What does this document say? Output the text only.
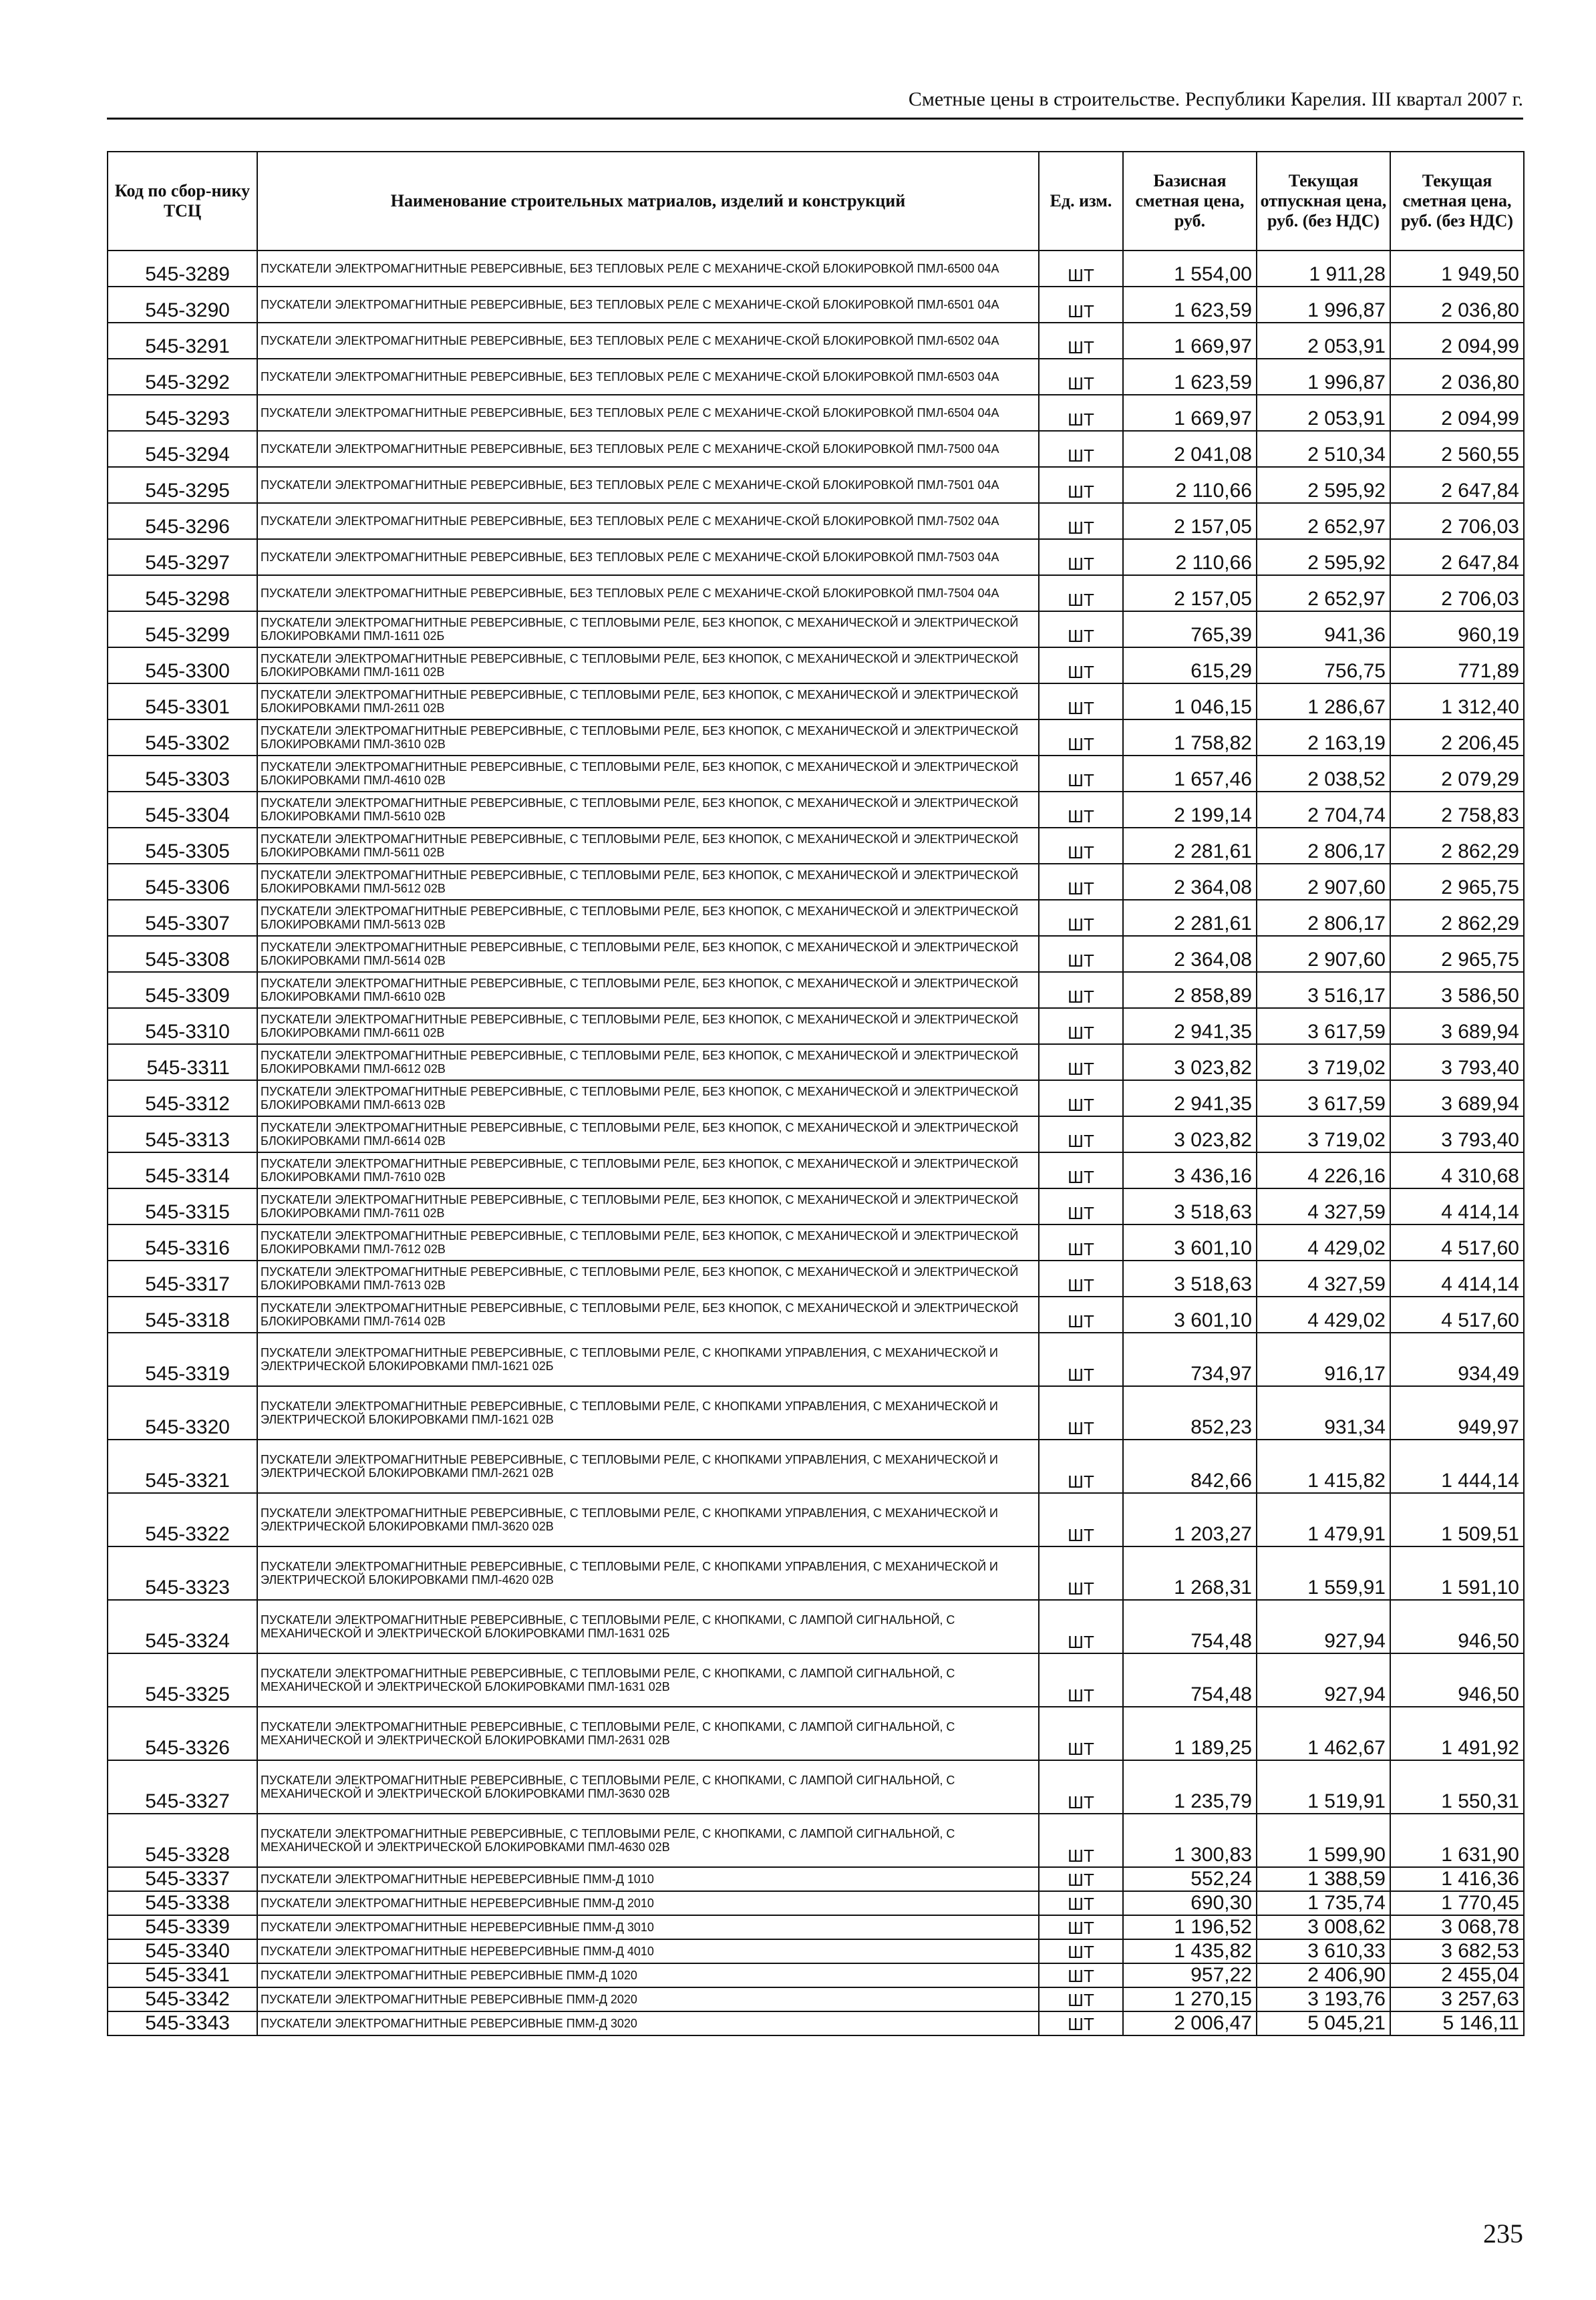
Сметные цены в строительстве. Республики Карелия. III квартал 2007 г.
Код по сбор-нику ТСЦ	Наименование строительных матриалов, изделий и конструкций	Ед. изм.	Базисная сметная цена, руб.	Текущая отпускная цена, руб. (без НДС)	Текущая сметная цена, руб. (без НДС)
545-3289	ПУСКАТЕЛИ ЭЛЕКТРОМАГНИТНЫЕ РЕВЕРСИВНЫЕ, БЕЗ ТЕПЛОВЫХ РЕЛЕ С МЕХАНИЧЕ-СКОЙ БЛОКИРОВКОЙ ПМЛ-6500 04А	ШТ	1 554,00	1 911,28	1 949,50
545-3290	ПУСКАТЕЛИ ЭЛЕКТРОМАГНИТНЫЕ РЕВЕРСИВНЫЕ, БЕЗ ТЕПЛОВЫХ РЕЛЕ С МЕХАНИЧЕ-СКОЙ БЛОКИРОВКОЙ ПМЛ-6501 04А	ШТ	1 623,59	1 996,87	2 036,80
545-3291	ПУСКАТЕЛИ ЭЛЕКТРОМАГНИТНЫЕ РЕВЕРСИВНЫЕ, БЕЗ ТЕПЛОВЫХ РЕЛЕ С МЕХАНИЧЕ-СКОЙ БЛОКИРОВКОЙ ПМЛ-6502 04А	ШТ	1 669,97	2 053,91	2 094,99
545-3292	ПУСКАТЕЛИ ЭЛЕКТРОМАГНИТНЫЕ РЕВЕРСИВНЫЕ, БЕЗ ТЕПЛОВЫХ РЕЛЕ С МЕХАНИЧЕ-СКОЙ БЛОКИРОВКОЙ ПМЛ-6503 04А	ШТ	1 623,59	1 996,87	2 036,80
545-3293	ПУСКАТЕЛИ ЭЛЕКТРОМАГНИТНЫЕ РЕВЕРСИВНЫЕ, БЕЗ ТЕПЛОВЫХ РЕЛЕ С МЕХАНИЧЕ-СКОЙ БЛОКИРОВКОЙ ПМЛ-6504 04А	ШТ	1 669,97	2 053,91	2 094,99
545-3294	ПУСКАТЕЛИ ЭЛЕКТРОМАГНИТНЫЕ РЕВЕРСИВНЫЕ, БЕЗ ТЕПЛОВЫХ РЕЛЕ С МЕХАНИЧЕ-СКОЙ БЛОКИРОВКОЙ ПМЛ-7500 04А	ШТ	2 041,08	2 510,34	2 560,55
545-3295	ПУСКАТЕЛИ ЭЛЕКТРОМАГНИТНЫЕ РЕВЕРСИВНЫЕ, БЕЗ ТЕПЛОВЫХ РЕЛЕ С МЕХАНИЧЕ-СКОЙ БЛОКИРОВКОЙ ПМЛ-7501 04А	ШТ	2 110,66	2 595,92	2 647,84
545-3296	ПУСКАТЕЛИ ЭЛЕКТРОМАГНИТНЫЕ РЕВЕРСИВНЫЕ, БЕЗ ТЕПЛОВЫХ РЕЛЕ С МЕХАНИЧЕ-СКОЙ БЛОКИРОВКОЙ ПМЛ-7502 04А	ШТ	2 157,05	2 652,97	2 706,03
545-3297	ПУСКАТЕЛИ ЭЛЕКТРОМАГНИТНЫЕ РЕВЕРСИВНЫЕ, БЕЗ ТЕПЛОВЫХ РЕЛЕ С МЕХАНИЧЕ-СКОЙ БЛОКИРОВКОЙ ПМЛ-7503 04А	ШТ	2 110,66	2 595,92	2 647,84
545-3298	ПУСКАТЕЛИ ЭЛЕКТРОМАГНИТНЫЕ РЕВЕРСИВНЫЕ, БЕЗ ТЕПЛОВЫХ РЕЛЕ С МЕХАНИЧЕ-СКОЙ БЛОКИРОВКОЙ ПМЛ-7504 04А	ШТ	2 157,05	2 652,97	2 706,03
545-3299	ПУСКАТЕЛИ ЭЛЕКТРОМАГНИТНЫЕ РЕВЕРСИВНЫЕ, С ТЕПЛОВЫМИ РЕЛЕ, БЕЗ КНОПОК, С МЕХАНИЧЕСКОЙ И ЭЛЕКТРИЧЕСКОЙ БЛОКИРОВКАМИ ПМЛ-1611 02Б	ШТ	765,39	941,36	960,19
545-3300	ПУСКАТЕЛИ ЭЛЕКТРОМАГНИТНЫЕ РЕВЕРСИВНЫЕ, С ТЕПЛОВЫМИ РЕЛЕ, БЕЗ КНОПОК, С МЕХАНИЧЕСКОЙ И ЭЛЕКТРИЧЕСКОЙ БЛОКИРОВКАМИ ПМЛ-1611 02В	ШТ	615,29	756,75	771,89
545-3301	ПУСКАТЕЛИ ЭЛЕКТРОМАГНИТНЫЕ РЕВЕРСИВНЫЕ, С ТЕПЛОВЫМИ РЕЛЕ, БЕЗ КНОПОК, С МЕХАНИЧЕСКОЙ И ЭЛЕКТРИЧЕСКОЙ БЛОКИРОВКАМИ ПМЛ-2611 02В	ШТ	1 046,15	1 286,67	1 312,40
545-3302	ПУСКАТЕЛИ ЭЛЕКТРОМАГНИТНЫЕ РЕВЕРСИВНЫЕ, С ТЕПЛОВЫМИ РЕЛЕ, БЕЗ КНОПОК, С МЕХАНИЧЕСКОЙ И ЭЛЕКТРИЧЕСКОЙ БЛОКИРОВКАМИ ПМЛ-3610 02В	ШТ	1 758,82	2 163,19	2 206,45
545-3303	ПУСКАТЕЛИ ЭЛЕКТРОМАГНИТНЫЕ РЕВЕРСИВНЫЕ, С ТЕПЛОВЫМИ РЕЛЕ, БЕЗ КНОПОК, С МЕХАНИЧЕСКОЙ И ЭЛЕКТРИЧЕСКОЙ БЛОКИРОВКАМИ ПМЛ-4610 02В	ШТ	1 657,46	2 038,52	2 079,29
545-3304	ПУСКАТЕЛИ ЭЛЕКТРОМАГНИТНЫЕ РЕВЕРСИВНЫЕ, С ТЕПЛОВЫМИ РЕЛЕ, БЕЗ КНОПОК, С МЕХАНИЧЕСКОЙ И ЭЛЕКТРИЧЕСКОЙ БЛОКИРОВКАМИ ПМЛ-5610 02В	ШТ	2 199,14	2 704,74	2 758,83
545-3305	ПУСКАТЕЛИ ЭЛЕКТРОМАГНИТНЫЕ РЕВЕРСИВНЫЕ, С ТЕПЛОВЫМИ РЕЛЕ, БЕЗ КНОПОК, С МЕХАНИЧЕСКОЙ И ЭЛЕКТРИЧЕСКОЙ БЛОКИРОВКАМИ ПМЛ-5611 02В	ШТ	2 281,61	2 806,17	2 862,29
545-3306	ПУСКАТЕЛИ ЭЛЕКТРОМАГНИТНЫЕ РЕВЕРСИВНЫЕ, С ТЕПЛОВЫМИ РЕЛЕ, БЕЗ КНОПОК, С МЕХАНИЧЕСКОЙ И ЭЛЕКТРИЧЕСКОЙ БЛОКИРОВКАМИ ПМЛ-5612 02В	ШТ	2 364,08	2 907,60	2 965,75
545-3307	ПУСКАТЕЛИ ЭЛЕКТРОМАГНИТНЫЕ РЕВЕРСИВНЫЕ, С ТЕПЛОВЫМИ РЕЛЕ, БЕЗ КНОПОК, С МЕХАНИЧЕСКОЙ И ЭЛЕКТРИЧЕСКОЙ БЛОКИРОВКАМИ ПМЛ-5613 02В	ШТ	2 281,61	2 806,17	2 862,29
545-3308	ПУСКАТЕЛИ ЭЛЕКТРОМАГНИТНЫЕ РЕВЕРСИВНЫЕ, С ТЕПЛОВЫМИ РЕЛЕ, БЕЗ КНОПОК, С МЕХАНИЧЕСКОЙ И ЭЛЕКТРИЧЕСКОЙ БЛОКИРОВКАМИ ПМЛ-5614 02В	ШТ	2 364,08	2 907,60	2 965,75
545-3309	ПУСКАТЕЛИ ЭЛЕКТРОМАГНИТНЫЕ РЕВЕРСИВНЫЕ, С ТЕПЛОВЫМИ РЕЛЕ, БЕЗ КНОПОК, С МЕХАНИЧЕСКОЙ И ЭЛЕКТРИЧЕСКОЙ БЛОКИРОВКАМИ ПМЛ-6610 02В	ШТ	2 858,89	3 516,17	3 586,50
545-3310	ПУСКАТЕЛИ ЭЛЕКТРОМАГНИТНЫЕ РЕВЕРСИВНЫЕ, С ТЕПЛОВЫМИ РЕЛЕ, БЕЗ КНОПОК, С МЕХАНИЧЕСКОЙ И ЭЛЕКТРИЧЕСКОЙ БЛОКИРОВКАМИ ПМЛ-6611 02В	ШТ	2 941,35	3 617,59	3 689,94
545-3311	ПУСКАТЕЛИ ЭЛЕКТРОМАГНИТНЫЕ РЕВЕРСИВНЫЕ, С ТЕПЛОВЫМИ РЕЛЕ, БЕЗ КНОПОК, С МЕХАНИЧЕСКОЙ И ЭЛЕКТРИЧЕСКОЙ БЛОКИРОВКАМИ ПМЛ-6612 02В	ШТ	3 023,82	3 719,02	3 793,40
545-3312	ПУСКАТЕЛИ ЭЛЕКТРОМАГНИТНЫЕ РЕВЕРСИВНЫЕ, С ТЕПЛОВЫМИ РЕЛЕ, БЕЗ КНОПОК, С МЕХАНИЧЕСКОЙ И ЭЛЕКТРИЧЕСКОЙ БЛОКИРОВКАМИ ПМЛ-6613 02В	ШТ	2 941,35	3 617,59	3 689,94
545-3313	ПУСКАТЕЛИ ЭЛЕКТРОМАГНИТНЫЕ РЕВЕРСИВНЫЕ, С ТЕПЛОВЫМИ РЕЛЕ, БЕЗ КНОПОК, С МЕХАНИЧЕСКОЙ И ЭЛЕКТРИЧЕСКОЙ БЛОКИРОВКАМИ ПМЛ-6614 02В	ШТ	3 023,82	3 719,02	3 793,40
545-3314	ПУСКАТЕЛИ ЭЛЕКТРОМАГНИТНЫЕ РЕВЕРСИВНЫЕ, С ТЕПЛОВЫМИ РЕЛЕ, БЕЗ КНОПОК, С МЕХАНИЧЕСКОЙ И ЭЛЕКТРИЧЕСКОЙ БЛОКИРОВКАМИ ПМЛ-7610 02В	ШТ	3 436,16	4 226,16	4 310,68
545-3315	ПУСКАТЕЛИ ЭЛЕКТРОМАГНИТНЫЕ РЕВЕРСИВНЫЕ, С ТЕПЛОВЫМИ РЕЛЕ, БЕЗ КНОПОК, С МЕХАНИЧЕСКОЙ И ЭЛЕКТРИЧЕСКОЙ БЛОКИРОВКАМИ ПМЛ-7611 02В	ШТ	3 518,63	4 327,59	4 414,14
545-3316	ПУСКАТЕЛИ ЭЛЕКТРОМАГНИТНЫЕ РЕВЕРСИВНЫЕ, С ТЕПЛОВЫМИ РЕЛЕ, БЕЗ КНОПОК, С МЕХАНИЧЕСКОЙ И ЭЛЕКТРИЧЕСКОЙ БЛОКИРОВКАМИ ПМЛ-7612 02В	ШТ	3 601,10	4 429,02	4 517,60
545-3317	ПУСКАТЕЛИ ЭЛЕКТРОМАГНИТНЫЕ РЕВЕРСИВНЫЕ, С ТЕПЛОВЫМИ РЕЛЕ, БЕЗ КНОПОК, С МЕХАНИЧЕСКОЙ И ЭЛЕКТРИЧЕСКОЙ БЛОКИРОВКАМИ ПМЛ-7613 02В	ШТ	3 518,63	4 327,59	4 414,14
545-3318	ПУСКАТЕЛИ ЭЛЕКТРОМАГНИТНЫЕ РЕВЕРСИВНЫЕ, С ТЕПЛОВЫМИ РЕЛЕ, БЕЗ КНОПОК, С МЕХАНИЧЕСКОЙ И ЭЛЕКТРИЧЕСКОЙ БЛОКИРОВКАМИ ПМЛ-7614 02В	ШТ	3 601,10	4 429,02	4 517,60
545-3319	ПУСКАТЕЛИ ЭЛЕКТРОМАГНИТНЫЕ РЕВЕРСИВНЫЕ, С ТЕПЛОВЫМИ РЕЛЕ, С КНОПКАМИ УПРАВЛЕНИЯ, С МЕХАНИЧЕСКОЙ И ЭЛЕКТРИЧЕСКОЙ БЛОКИРОВКАМИ ПМЛ-1621 02Б	ШТ	734,97	916,17	934,49
545-3320	ПУСКАТЕЛИ ЭЛЕКТРОМАГНИТНЫЕ РЕВЕРСИВНЫЕ, С ТЕПЛОВЫМИ РЕЛЕ, С КНОПКАМИ УПРАВЛЕНИЯ, С МЕХАНИЧЕСКОЙ И ЭЛЕКТРИЧЕСКОЙ БЛОКИРОВКАМИ ПМЛ-1621 02В	ШТ	852,23	931,34	949,97
545-3321	ПУСКАТЕЛИ ЭЛЕКТРОМАГНИТНЫЕ РЕВЕРСИВНЫЕ, С ТЕПЛОВЫМИ РЕЛЕ, С КНОПКАМИ УПРАВЛЕНИЯ, С МЕХАНИЧЕСКОЙ И ЭЛЕКТРИЧЕСКОЙ БЛОКИРОВКАМИ ПМЛ-2621 02В	ШТ	842,66	1 415,82	1 444,14
545-3322	ПУСКАТЕЛИ ЭЛЕКТРОМАГНИТНЫЕ РЕВЕРСИВНЫЕ, С ТЕПЛОВЫМИ РЕЛЕ, С КНОПКАМИ УПРАВЛЕНИЯ, С МЕХАНИЧЕСКОЙ И ЭЛЕКТРИЧЕСКОЙ БЛОКИРОВКАМИ ПМЛ-3620 02В	ШТ	1 203,27	1 479,91	1 509,51
545-3323	ПУСКАТЕЛИ ЭЛЕКТРОМАГНИТНЫЕ РЕВЕРСИВНЫЕ, С ТЕПЛОВЫМИ РЕЛЕ, С КНОПКАМИ УПРАВЛЕНИЯ, С МЕХАНИЧЕСКОЙ И ЭЛЕКТРИЧЕСКОЙ БЛОКИРОВКАМИ ПМЛ-4620 02В	ШТ	1 268,31	1 559,91	1 591,10
545-3324	ПУСКАТЕЛИ ЭЛЕКТРОМАГНИТНЫЕ РЕВЕРСИВНЫЕ, С ТЕПЛОВЫМИ РЕЛЕ, С КНОПКАМИ, С ЛАМПОЙ СИГНАЛЬНОЙ, С МЕХАНИЧЕСКОЙ И ЭЛЕКТРИЧЕСКОЙ БЛОКИРОВКАМИ ПМЛ-1631 02Б	ШТ	754,48	927,94	946,50
545-3325	ПУСКАТЕЛИ ЭЛЕКТРОМАГНИТНЫЕ РЕВЕРСИВНЫЕ, С ТЕПЛОВЫМИ РЕЛЕ, С КНОПКАМИ, С ЛАМПОЙ СИГНАЛЬНОЙ, С МЕХАНИЧЕСКОЙ И ЭЛЕКТРИЧЕСКОЙ БЛОКИРОВКАМИ ПМЛ-1631 02В	ШТ	754,48	927,94	946,50
545-3326	ПУСКАТЕЛИ ЭЛЕКТРОМАГНИТНЫЕ РЕВЕРСИВНЫЕ, С ТЕПЛОВЫМИ РЕЛЕ, С КНОПКАМИ, С ЛАМПОЙ СИГНАЛЬНОЙ, С МЕХАНИЧЕСКОЙ И ЭЛЕКТРИЧЕСКОЙ БЛОКИРОВКАМИ ПМЛ-2631 02В	ШТ	1 189,25	1 462,67	1 491,92
545-3327	ПУСКАТЕЛИ ЭЛЕКТРОМАГНИТНЫЕ РЕВЕРСИВНЫЕ, С ТЕПЛОВЫМИ РЕЛЕ, С КНОПКАМИ, С ЛАМПОЙ СИГНАЛЬНОЙ, С МЕХАНИЧЕСКОЙ И ЭЛЕКТРИЧЕСКОЙ БЛОКИРОВКАМИ ПМЛ-3630 02В	ШТ	1 235,79	1 519,91	1 550,31
545-3328	ПУСКАТЕЛИ ЭЛЕКТРОМАГНИТНЫЕ РЕВЕРСИВНЫЕ, С ТЕПЛОВЫМИ РЕЛЕ, С КНОПКАМИ, С ЛАМПОЙ СИГНАЛЬНОЙ, С МЕХАНИЧЕСКОЙ И ЭЛЕКТРИЧЕСКОЙ БЛОКИРОВКАМИ ПМЛ-4630 02В	ШТ	1 300,83	1 599,90	1 631,90
545-3337	ПУСКАТЕЛИ ЭЛЕКТРОМАГНИТНЫЕ НЕРЕВЕРСИВНЫЕ ПММ-Д 1010	ШТ	552,24	1 388,59	1 416,36
545-3338	ПУСКАТЕЛИ ЭЛЕКТРОМАГНИТНЫЕ НЕРЕВЕРСИВНЫЕ ПММ-Д 2010	ШТ	690,30	1 735,74	1 770,45
545-3339	ПУСКАТЕЛИ ЭЛЕКТРОМАГНИТНЫЕ НЕРЕВЕРСИВНЫЕ ПММ-Д 3010	ШТ	1 196,52	3 008,62	3 068,78
545-3340	ПУСКАТЕЛИ ЭЛЕКТРОМАГНИТНЫЕ НЕРЕВЕРСИВНЫЕ ПММ-Д 4010	ШТ	1 435,82	3 610,33	3 682,53
545-3341	ПУСКАТЕЛИ ЭЛЕКТРОМАГНИТНЫЕ РЕВЕРСИВНЫЕ ПММ-Д 1020	ШТ	957,22	2 406,90	2 455,04
545-3342	ПУСКАТЕЛИ ЭЛЕКТРОМАГНИТНЫЕ РЕВЕРСИВНЫЕ ПММ-Д 2020	ШТ	1 270,15	3 193,76	3 257,63
545-3343	ПУСКАТЕЛИ ЭЛЕКТРОМАГНИТНЫЕ РЕВЕРСИВНЫЕ ПММ-Д 3020	ШТ	2 006,47	5 045,21	5 146,11
235
